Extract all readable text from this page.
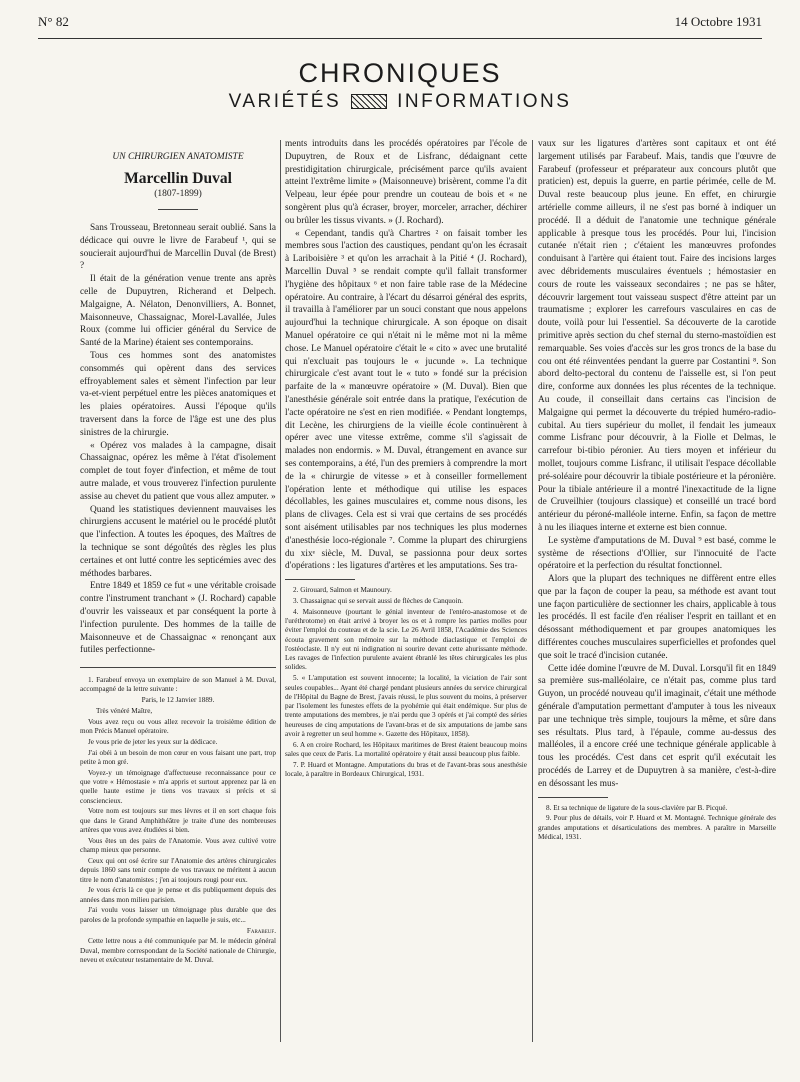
N° 82	14 Octobre 1931
CHRONIQUES
VARIÉTÉS	INFORMATIONS
UN CHIRURGIEN ANATOMISTE
Marcellin Duval
(1807-1899)

Sans Trousseau, Bretonneau serait oublié. Sans la dédicace qui ouvre le livre de Farabeuf ¹, qui se soucierait aujourd'hui de Marcellin Duval (de Brest) ?

Il était de la génération venue trente ans après celle de Dupuytren, Richerand et Delpech. Malgaigne, A. Nélaton, Denonvilliers, A. Bonnet, Maisonneuve, Chassaignac, Morel-Lavallée, Jules Roux (comme lui officier général du Service de Santé de la Marine) étaient ses contemporains.

Tous ces hommes sont des anatomistes consommés qui opèrent dans des services effroyablement sales et sèment l'infection par leur va-et-vient perpétuel entre les pièces anatomiques et les plaies opératoires. Aussi l'époque qu'ils traversent dans la force de l'âge est une des plus sinistres de la chirurgie.

« Opérez vos malades à la campagne, disait Chassaignac, opérez les même à l'état d'isolement complet de tout foyer d'infection, et même de tout autre malade, et vous trouverez l'infection purulente assise au chevet du patient que vous allez amputer. »

Quand les statistiques deviennent mauvaises les chirurgiens accusent le matériel ou le procédé plutôt que l'infection. A toutes les époques, des Maîtres de la technique se sont dégoûtés des règles les plus certaines et ont lutté contre les septicémies avec des méthodes barbares.

Entre 1849 et 1859 ce fut « une véritable croisade contre l'instrument tranchant » (J. Rochard) capable d'ouvrir les vaisseaux et par conséquent la porte à l'infection purulente. Des hommes de la taille de Maisonneuve et de Chassaignac « renonçant aux futiles perfectionne-

1. Farabeuf envoya un exemplaire de son Manuel à M. Duval, accompagné de la lettre suivante :

Paris, le 12 Janvier 1889.

Très vénéré Maître,

Vous avez reçu ou vous allez recevoir la troisième édition de mon Précis Manuel opératoire.

Je vous prie de jeter les yeux sur la dédicace.

J'ai obéi à un besoin de mon cœur en vous faisant une part, trop petite à mon gré.

Voyez-y un témoignage d'affectueuse reconnaissance pour ce que votre « Hémostasie » m'a appris et surtout apprenez par là en quelle haute estime je tiens vos travaux si précis et si consciencieux.

Votre nom est toujours sur mes lèvres et il en sort chaque fois que dans le Grand Amphithéâtre je traite d'une des nombreuses artères que vous avez étudiées si bien.

Vous êtes un des pairs de l'Anatomie. Vous avez cultivé votre champ mieux que personne.

Ceux qui ont osé écrire sur l'Anatomie des artères chirurgicales depuis 1860 sans tenir compte de vos travaux ne méritent à aucun titre le nom d'anatomistes ; j'en ai toujours rougi pour eux.

Je vous écris là ce que je pense et dis publiquement depuis des années dans mon milieu parisien.

J'ai voulu vous laisser un témoignage plus durable que des paroles de la profonde sympathie en laquelle je suis, etc...

Farabeuf.

Cette lettre nous a été communiquée par M. le médecin général Duval, membre correspondant de la Société nationale de Chirurgie, neveu et exécuteur testamentaire de M. Duval.

ments introduits dans les procédés opératoires par l'école de Dupuytren, de Roux et de Lisfranc, dédaignant cette prestidigitation chirurgicale, précisément parce qu'ils avaient atteint l'extrême limite » (Maisonneuve) brisèrent, comme l'a dit Velpeau, leur épée pour prendre un couteau de bois et « ne songèrent plus qu'à écraser, broyer, morceler, arracher, déchirer ou brûler les tissus vivants. » (J. Rochard).

« Cependant, tandis qu'à Chartres ² on faisait tomber les membres sous l'action des caustiques, pendant qu'on les écrasait à Lariboisière ³ et qu'on les arrachait à la Pitié ⁴ (J. Rochard), Marcellin Duval ⁵ se rendait compte qu'il fallait transformer l'hygiène des hôpitaux ⁶ et non faire table rase de la Médecine opératoire. Au contraire, à l'écart du désarroi général des esprits, il travailla à l'améliorer par un souci constant que nous appelons aujourd'hui la technique chirurgicale. A son époque on disait Manuel opératoire ce qui n'était ni le même mot ni la même chose. Le Manuel opératoire c'était le « cito » avec une brutalité qui n'excluait pas toujours le « jucunde ». La technique chirurgicale c'est avant tout le « tuto » fondé sur la précision parfaite de la « manœuvre opératoire » (M. Duval). Bien que l'anesthésie générale soit entrée dans la pratique, l'exécution de l'acte opératoire ne s'est en rien modifiée. « Pendant longtemps, dit Lecène, les chirurgiens de la vieille école continuèrent à opérer avec une vitesse extrême, comme s'il s'agissait de malades non endormis. » M. Duval, étrangement en avance sur ses contemporains, a été, l'un des premiers à comprendre la mort de la « chirurgie de vitesse » et à conseiller formellement l'opération lente et méthodique qui utilise les espaces décollables, les gaines musculaires et, comme nous disons, les plans de clivages. Cela est si vrai que certains de ses procédés sont aisément utilisables par nos techniques les plus modernes d'anesthésie loco-régionale ⁷. Comme la plupart des chirurgiens du xixᵉ siècle, M. Duval, se passionna pour deux sortes d'opérations : les ligatures d'artères et les amputations. Ses tra-

2. Girouard, Salmon et Maunoury.

3. Chassaignac qui se servait aussi de flèches de Canquoin.

4. Maisonneuve (pourtant le génial inventeur de l'entéro-anastomose et de l'uréthrotome) en était arrivé à broyer les os et à rompre les parties molles pour éviter l'emploi du couteau et de la scie. Le 26 Avril 1858, l'Académie des Sciences écouta gravement son mémoire sur la méthode diaclastique et l'emploi de l'ostéoclaste. Il n'y eut ni indignation ni sourire devant cette ahurissante méthode. Les ravages de l'infection purulente avaient ébranlé les têtes chirurgicales les plus solides.

5. « L'amputation est souvent innocente; la localité, la viciation de l'air sont seules coupables... Ayant été chargé pendant plusieurs années du service chirurgical de l'Hôpital du Bagne de Brest, j'avais réussi, le plus souvent du moins, à préserver par l'isolement les funestes effets de la pyohémie qui était endémique. Sur plus de trente amputations des membres, je n'ai perdu que 3 opérés et j'ai compté des séries heureuses de cinq amputations de l'avant-bras et de six amputations de jambe sans avoir à regretter un seul homme ». Gazette des Hôpitaux, 1858).

6. A en croire Rochard, les Hôpitaux maritimes de Brest étaient beaucoup moins sales que ceux de Paris. La mortalité opératoire y était aussi beaucoup plus faible.

7. P. Huard et Montagne. Amputations du bras et de l'avant-bras sous anesthésie locale, à paraître in Bordeaux Chirurgical, 1931.

vaux sur les ligatures d'artères sont capitaux et ont été largement utilisés par Farabeuf. Mais, tandis que l'œuvre de Farabeuf (professeur et préparateur aux concours plutôt que praticien) est, depuis la guerre, en partie périmée, celle de M. Duval reste beaucoup plus jeune. En effet, en chirurgie artérielle comme ailleurs, il ne s'est pas borné à indiquer un procédé. Il a déduit de l'anatomie une technique générale applicable à presque tous les procédés. Pour lui, l'incision cutanée n'était rien ; c'étaient les manœuvres profondes conduisant à l'artère qui étaient tout. Faire des incisions larges avec débridements musculaires éventuels ; hémostasier en cours de route les vaisseaux secondaires ; ne pas se hâter, découvrir largement tout vaisseau suspect d'être atteint par un traumatisme ; explorer les carrefours vasculaires en cas de doute, voilà pour lui l'essentiel. Sa découverte de la carotide primitive après section du chef sternal du sterno-mastoïdien est remarquable. Ses voies d'accès sur les gros troncs de la base du cou ont été réinventées pendant la guerre par Costantini ⁸. Son abord delto-pectoral du contenu de l'aisselle est, si l'on peut dire, conforme aux données les plus récentes de la technique. Au coude, il conseillait dans certains cas l'incision de Malgaigne qui permet la découverte du trépied huméro-radio-cubital. Au tiers supérieur du mollet, il fendait les jumeaux comme Lisfranc pour découvrir, à la Fiolle et Delmas, le carrefour bi-tibio péronier. Au tiers moyen et inférieur du mollet, toujours comme Lisfranc, il utilisait l'espace décollable pré-soléaire pour découvrir la tibiale postérieure et la péronière. Pour la tibiale antérieure il a montré l'inexactitude de la ligne de Cruveilhier (toujours classique) et conseillé un tracé bord antérieur du péroné-malléole interne. Enfin, sa façon de mettre à nu les iliaques interne et externe est bien connue.

Le système d'amputations de M. Duval ⁹ est basé, comme le système de résections d'Ollier, sur l'innocuité de l'acte opératoire et la perfection du résultat fonctionnel.

Alors que la plupart des techniques ne diffèrent entre elles que par la façon de couper la peau, sa méthode est avant tout une façon particulière de sectionner les chairs, applicable à tous les procédés. Il est facile d'en réaliser l'esprit en taillant et en désossant méthodiquement et par groupes anatomiques les différentes couches musculaires superficielles et profondes quel que soit le tracé d'incision cutanée.

Cette idée domine l'œuvre de M. Duval. Lorsqu'il fit en 1849 sa première sus-malléolaire, ce n'était pas, comme plus tard Guyon, un procédé nouveau qu'il imaginait, c'était une méthode générale d'amputation permettant d'amputer à tous les niveaux par une technique très simple, toujours la même, et sûre dans ses résultats. Plus tard, à l'épaule, comme au-dessus des malléoles, il a encore créé une technique générale applicable à tous les procédés. C'est dans cet esprit qu'il exécutait les procédés de Larrey et de Dupuytren à sa manière, c'est-à-dire en désossant les mus-

8. Et sa technique de ligature de la sous-clavière par B. Picqué.

9. Pour plus de détails, voir P. Huard et M. Montagné. Technique générale des grandes amputations et désarticulations des membres. A paraître in Marseille Médical, 1931.
